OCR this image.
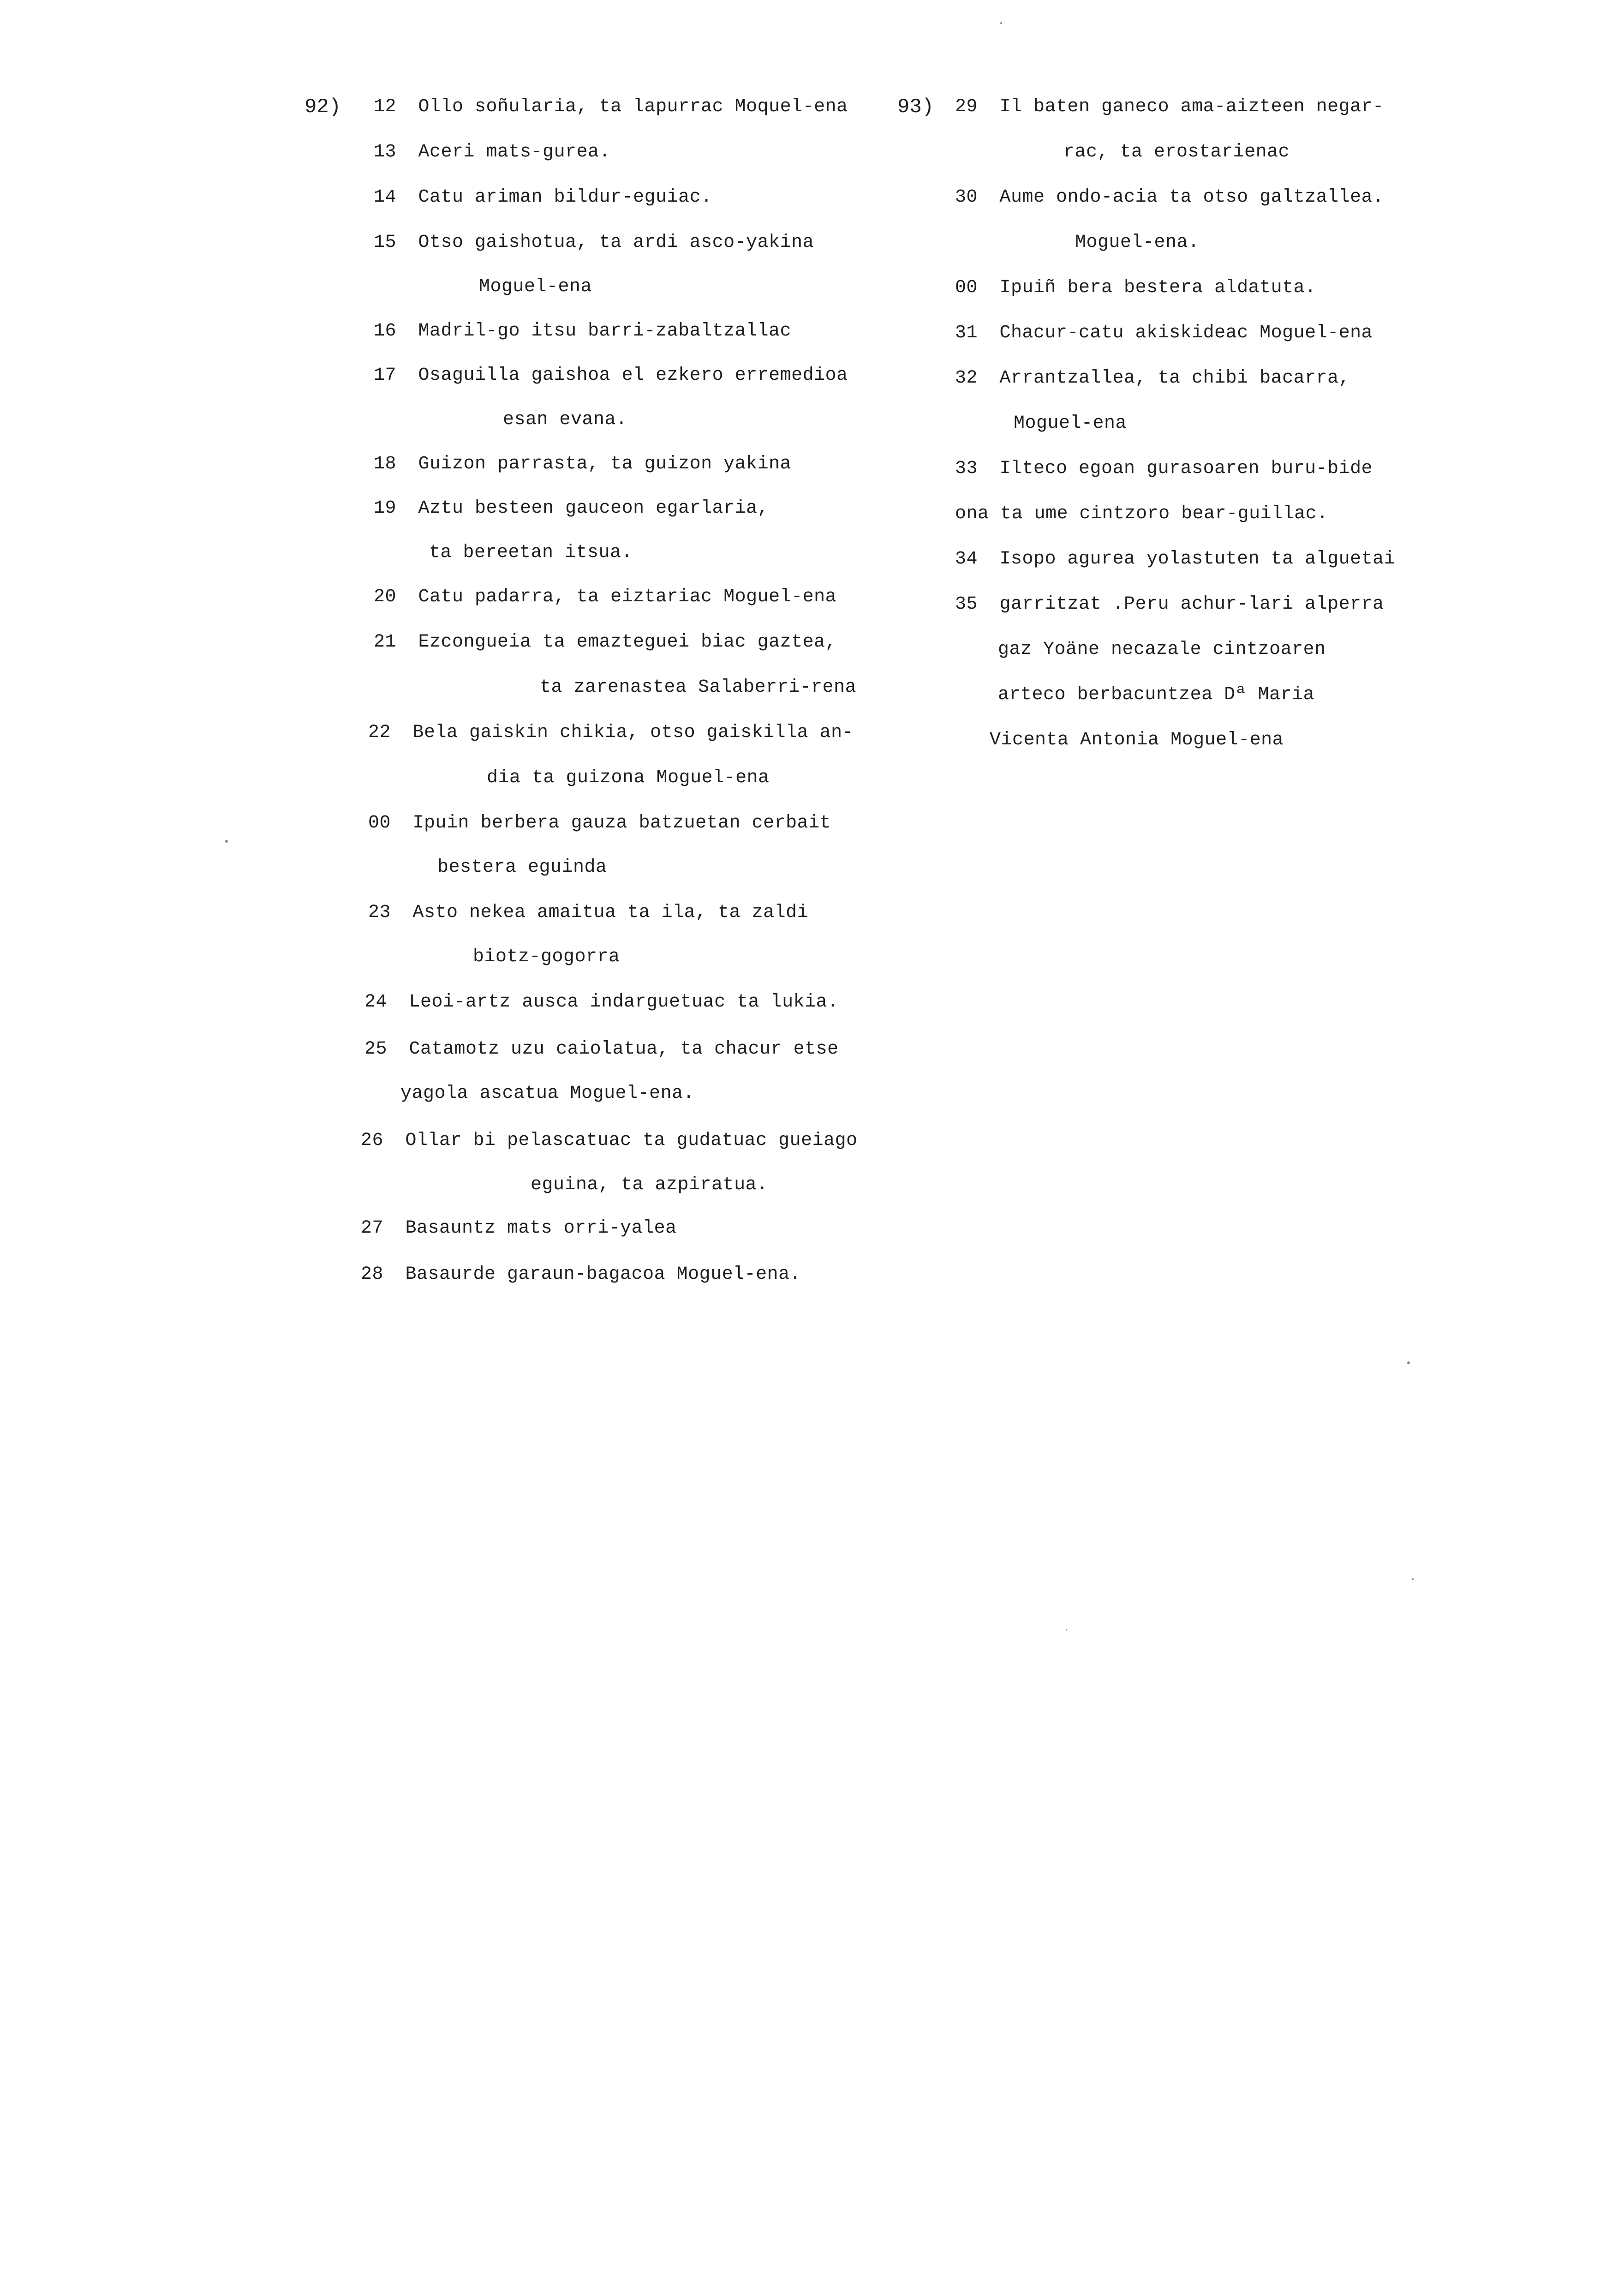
92) 12 Ollo soñularia, ta lapurrac Moquel-ena
13 Aceri mats-gurea.
14 Catu ariman bildur-eguiac.
15 Otso gaishotua, ta ardi asco-yakina
Moguel-ena
16 Madril-go itsu barri-zabaltzallac
17 Osaguilla gaishoa el ezkero erremedioa
esan evana.
18 Guizon parrasta, ta guizon yakina
19 Aztu besteen gauceon egarlaria,
ta bereetan itsua.
20 Catu padarra, ta eiztariac Moguel-ena
21 Ezcongueia ta emazteguei biac gaztea,
ta zarenastea Salaberri-rena
22 Bela gaiskin chikia, otso gaiskilla an-
dia ta guizona Moguel-ena
00 Ipuin berbera gauza batzuetan cerbait
bestera eguinda
23 Asto nekea amaitua ta ila, ta zaldi
biotz-gogorra
24 Leoi-artz ausca indarguetuac ta lukia.
25 Catamotz uzu caiolatua, ta chacur etse
yagola ascatua Moguel-ena.
26 Ollar bi pelascatuac ta gudatuac gueiago
eguina, ta azpiratua.
27 Basauntz mats orri-yalea
28 Basaurde garaun-bagacoa Moguel-ena.
93) 29 Il baten ganeco ama-aizteen negar-
rac, ta erostarienac
30 Aume ondo-acia ta otso galtzallea.
Moguel-ena.
00 Ipuiñ bera bestera aldatuta.
31 Chacur-catu akiskideac Moguel-ena
32 Arrantzallea, ta chibi bacarra,
Moguel-ena
33 Ilteco egoan gurasoaren buru-bide
ona ta ume cintzoro bear-guillac.
34 Isopo agurea yolastuten ta alguetai
35 garritzat .Peru achur-lari alperra
gaz Yoäne necazale cintzoaren
arteco berbacuntzea Dª Maria
Vicenta Antonia Moguel-ena
